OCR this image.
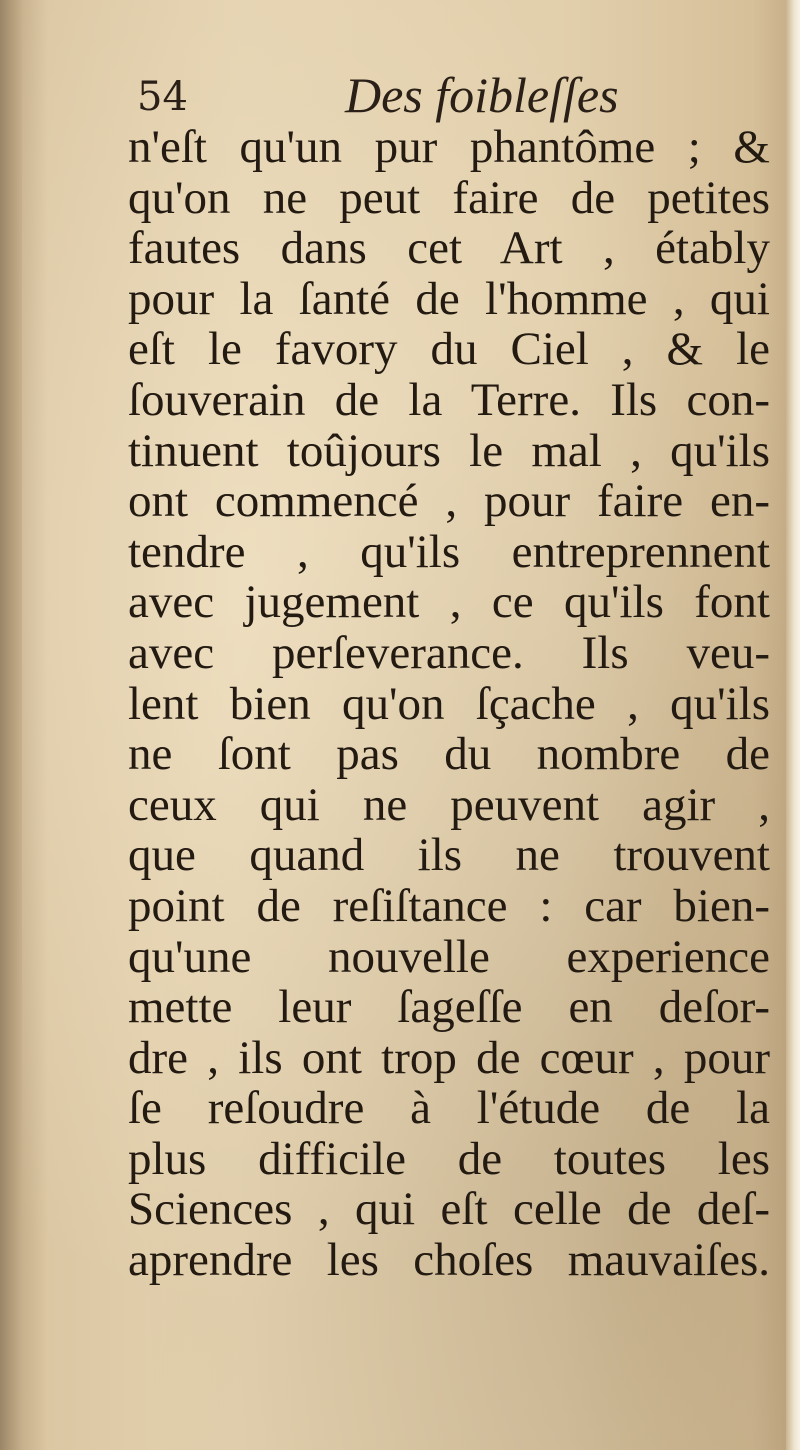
54	Des foibleſſes
n'eſt qu'un pur phantôme ; &
qu'on ne peut faire de petites
fautes dans cet Art , étably
pour la ſanté de l'homme , qui
eſt le favory du Ciel , & le
ſouverain de la Terre. Ils con-
tinuent toûjours le mal , qu'ils
ont commencé , pour faire en-
tendre , qu'ils entreprennent
avec jugement , ce qu'ils font
avec perſeverance. Ils veu-
lent bien qu'on ſçache , qu'ils
ne ſont pas du nombre de
ceux qui ne peuvent agir ,
que quand ils ne trouvent
point de reſiſtance : car bien-
qu'une nouvelle experience
mette leur ſageſſe en deſor-
dre , ils ont trop de cœur , pour
ſe reſoudre à l'étude de la
plus difficile de toutes les
Sciences , qui eſt celle de deſ-
aprendre les choſes mauvaiſes.
